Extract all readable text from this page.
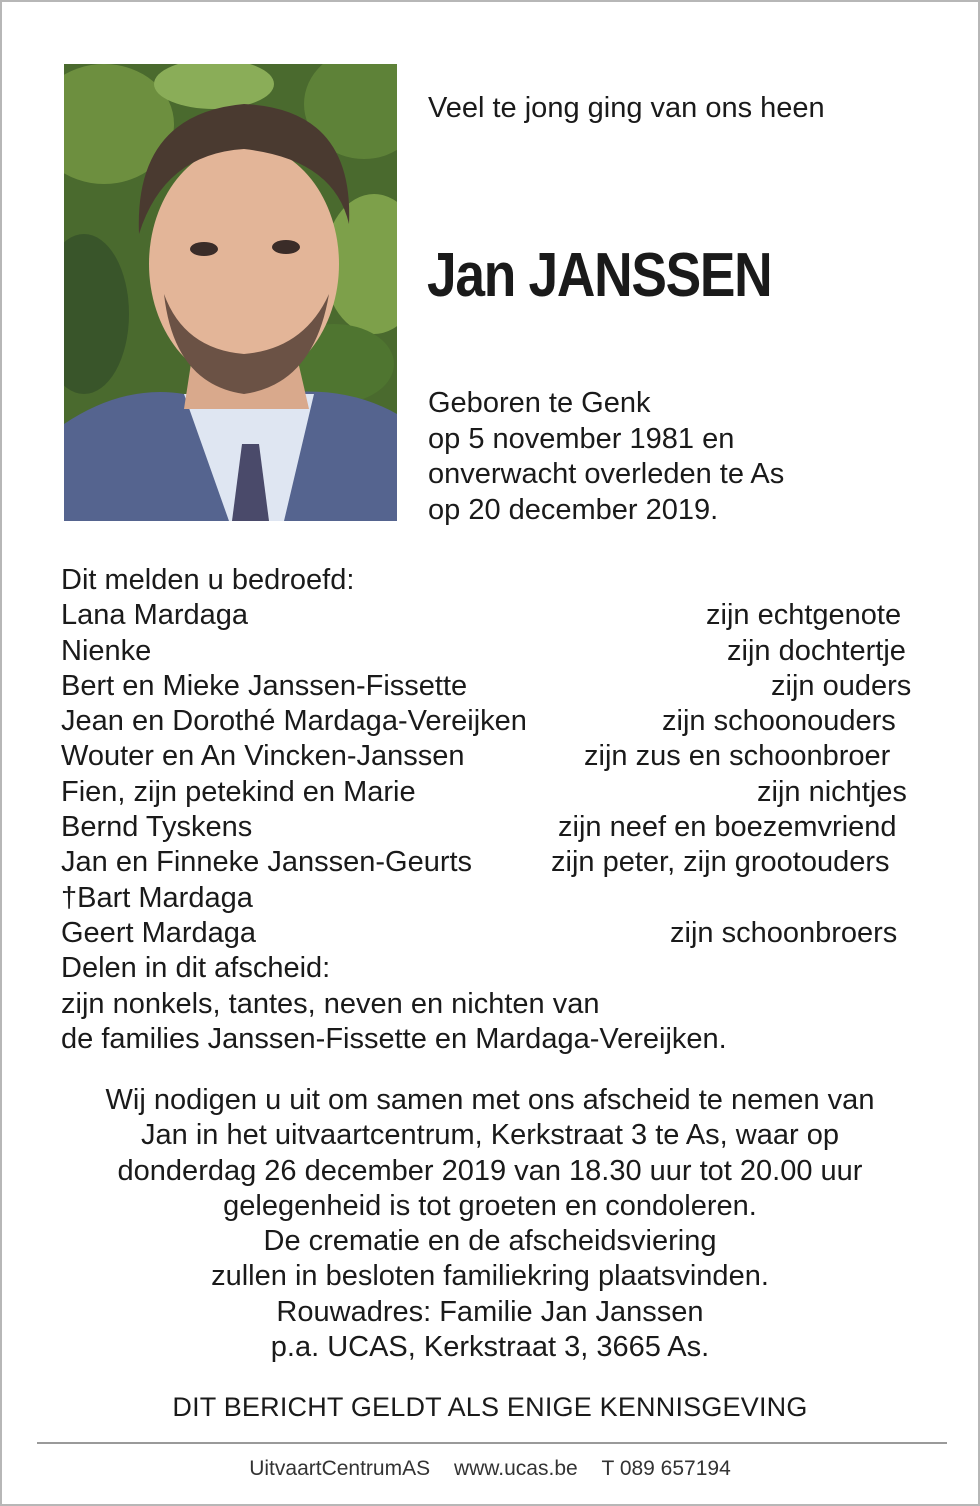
Veel te jong ging van ons heen

Jan JANSSEN
Geboren te Genk
op 5 november 1981 en
onverwacht overleden te As
op 20 december 2019.
Dit melden u bedroefd:
Lana Mardaga	zijn echtgenote
Nienke	zijn dochtertje
Bert en Mieke Janssen-Fissette	zijn ouders
Jean en Dorothé Mardaga-Vereijken	zijn schoonouders
Wouter en An Vincken-Janssen	zijn zus en schoonbroer
Fien, zijn petekind en Marie	zijn nichtjes
Bernd Tyskens	zijn neef en boezemvriend
Jan en Finneke Janssen-Geurts	zijn peter, zijn grootouders
†Bart Mardaga
Geert Mardaga	zijn schoonbroers
Delen in dit afscheid:
zijn nonkels, tantes, neven en nichten van
de families Janssen-Fissette en Mardaga-Vereijken.
Wij nodigen u uit om samen met ons afscheid te nemen van
Jan in het uitvaartcentrum, Kerkstraat 3 te As, waar op
donderdag 26 december 2019 van 18.30 uur tot 20.00 uur
gelegenheid is tot groeten en condoleren.
De crematie en de afscheidsviering
zullen in besloten familiekring plaatsvinden.
Rouwadres: Familie Jan Janssen
p.a. UCAS, Kerkstraat 3, 3665 As.
DIT BERICHT GELDT ALS ENIGE KENNISGEVING
UitvaartCentrumAS www.ucas.be T 089 657194
